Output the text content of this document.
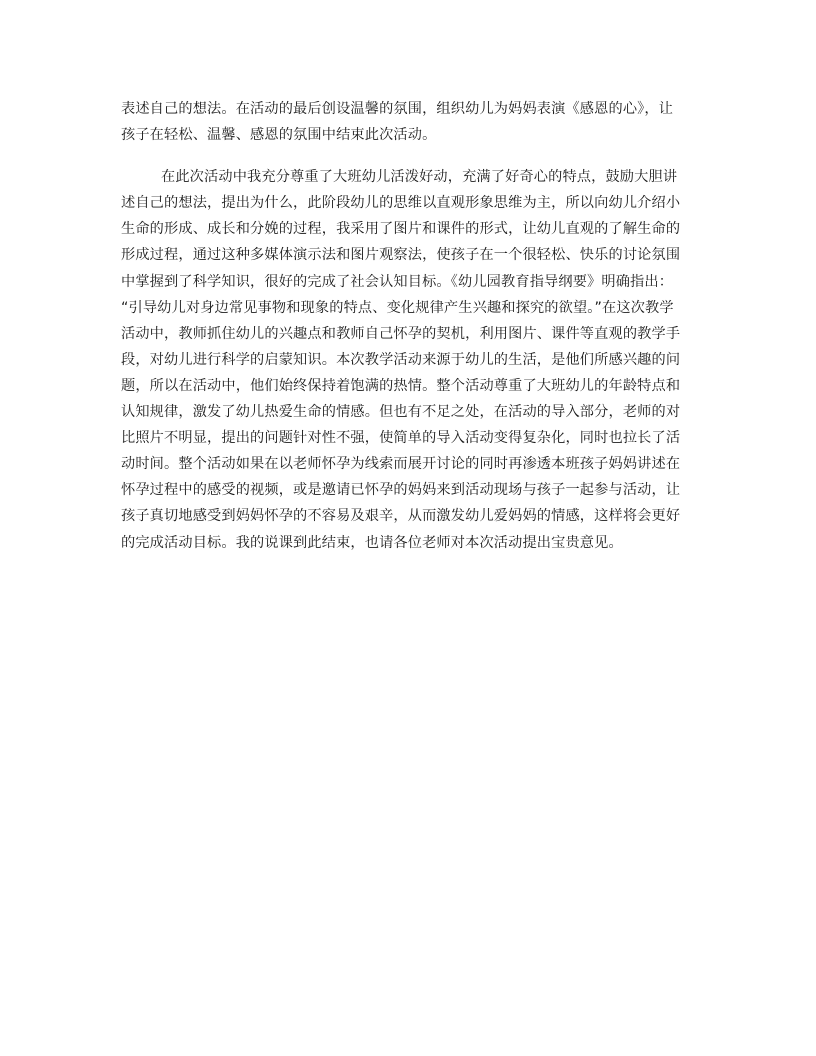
表述自己的想法。在活动的最后创设温馨的氛围，组织幼儿为妈妈表演《感恩的心》，让
孩子在轻松、温馨、感恩的氛围中结束此次活动。
在此次活动中我充分尊重了大班幼儿活泼好动，充满了好奇心的特点，鼓励大胆讲
述自己的想法，提出为什么，此阶段幼儿的思维以直观形象思维为主，所以向幼儿介绍小
生命的形成、成长和分娩的过程，我采用了图片和课件的形式，让幼儿直观的了解生命的
形成过程，通过这种多媒体演示法和图片观察法，使孩子在一个很轻松、快乐的讨论氛围
中掌握到了科学知识，很好的完成了社会认知目标。《幼儿园教育指导纲要》明确指出：
“引导幼儿对身边常见事物和现象的特点、变化规律产生兴趣和探究的欲望。”在这次教学
活动中，教师抓住幼儿的兴趣点和教师自己怀孕的契机，利用图片、课件等直观的教学手
段，对幼儿进行科学的启蒙知识。本次教学活动来源于幼儿的生活，是他们所感兴趣的问
题，所以在活动中，他们始终保持着饱满的热情。整个活动尊重了大班幼儿的年龄特点和
认知规律，激发了幼儿热爱生命的情感。但也有不足之处，在活动的导入部分，老师的对
比照片不明显，提出的问题针对性不强，使简单的导入活动变得复杂化，同时也拉长了活
动时间。整个活动如果在以老师怀孕为线索而展开讨论的同时再渗透本班孩子妈妈讲述在
怀孕过程中的感受的视频，或是邀请已怀孕的妈妈来到活动现场与孩子一起参与活动，让
孩子真切地感受到妈妈怀孕的不容易及艰辛，从而激发幼儿爱妈妈的情感，这样将会更好
的完成活动目标。我的说课到此结束，也请各位老师对本次活动提出宝贵意见。
